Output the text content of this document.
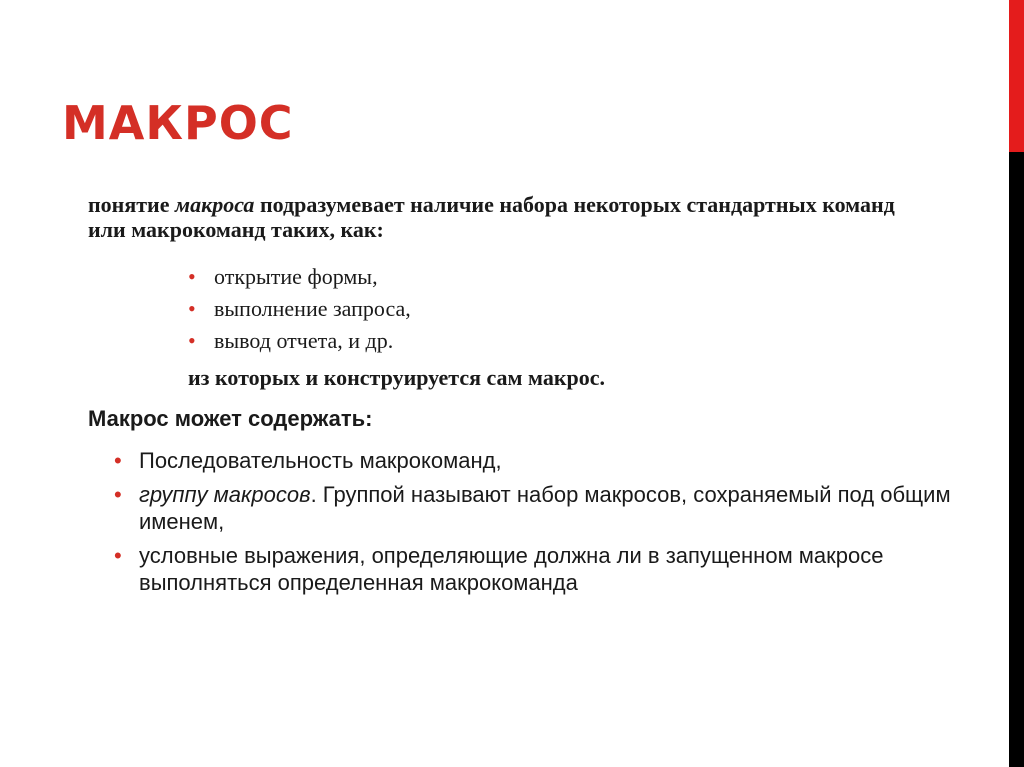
МАКРОС
понятие макроса подразумевает наличие набора некоторых стандартных команд или макрокоманд таких, как:
• открытие формы,
• выполнение запроса,
• вывод отчета, и др.
из которых и конструируется сам макрос.
Макрос может содержать:
• Последовательность макрокоманд,
• группу макросов. Группой называют набор макросов, сохраняемый под общим именем,
• условные выражения, определяющие должна ли в запущенном макросе выполняться определенная макрокоманда
